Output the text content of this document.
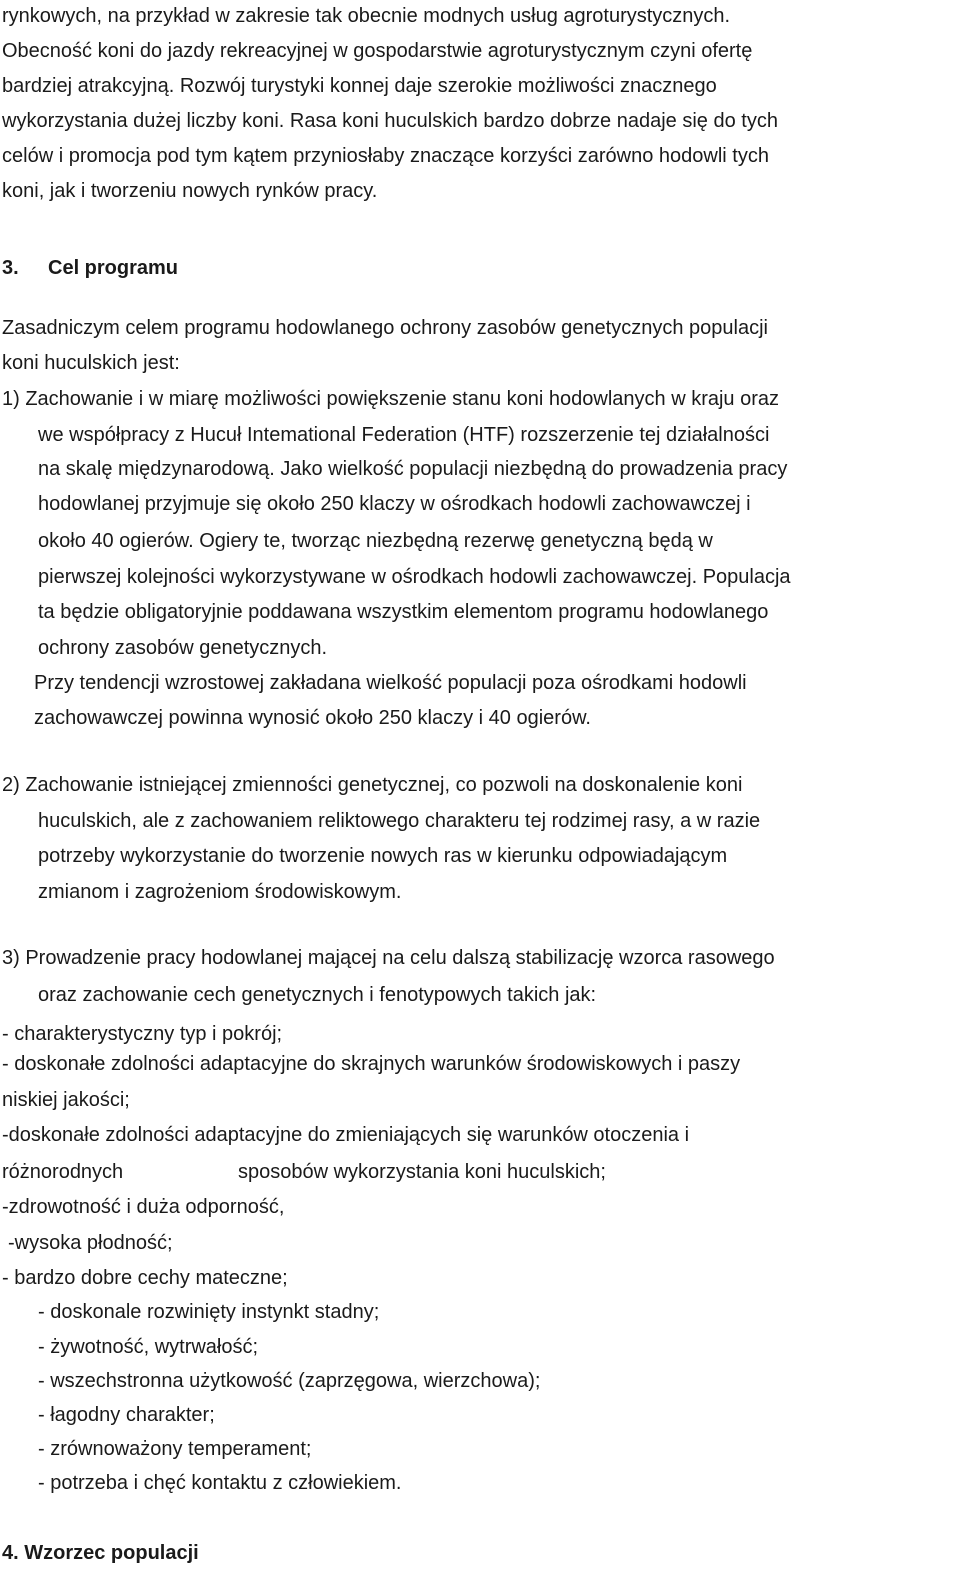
rynkowych, na przykład w zakresie tak obecnie modnych usług agroturystycznych.
Obecność koni do jazdy rekreacyjnej w gospodarstwie agroturystycznym czyni ofertę
bardziej atrakcyjną. Rozwój turystyki konnej daje szerokie możliwości znacznego
wykorzystania dużej liczby koni. Rasa koni huculskich bardzo dobrze nadaje się do tych
celów i promocja pod tym kątem przyniosłaby znaczące korzyści zarówno hodowli tych
koni, jak i tworzeniu nowych rynków pracy.
3. Cel programu
Zasadniczym celem programu hodowlanego ochrony zasobów genetycznych populacji
koni huculskich jest:
1) Zachowanie i w miarę możliwości powiększenie stanu koni hodowlanych w kraju oraz
we współpracy z Hucuł Intemational Federation (HTF) rozszerzenie tej działalności
na skalę międzynarodową. Jako wielkość populacji niezbędną do prowadzenia pracy
hodowlanej przyjmuje się około 250 klaczy w ośrodkach hodowli zachowawczej i
około 40 ogierów. Ogiery te, tworząc niezbędną rezerwę genetyczną będą w
pierwszej kolejności wykorzystywane w ośrodkach hodowli zachowawczej. Populacja
ta będzie obligatoryjnie poddawana wszystkim elementom programu hodowlanego
ochrony zasobów genetycznych.
Przy tendencji wzrostowej zakładana wielkość populacji poza ośrodkami hodowli
zachowawczej powinna wynosić około 250 klaczy i 40 ogierów.
2) Zachowanie istniejącej zmienności genetycznej, co pozwoli na doskonalenie koni
huculskich, ale z zachowaniem reliktowego charakteru tej rodzimej rasy, a w razie
potrzeby wykorzystanie do tworzenie nowych ras w kierunku odpowiadającym
zmianom i zagrożeniom środowiskowym.
3) Prowadzenie pracy hodowlanej mającej na celu dalszą stabilizację wzorca rasowego
oraz zachowanie cech genetycznych i fenotypowych takich jak:
- charakterystyczny typ i pokrój;
- doskonałe zdolności adaptacyjne do skrajnych warunków środowiskowych i paszy
niskiej jakości;
-doskonałe zdolności adaptacyjne do zmieniających się warunków otoczenia i
różnorodnych	sposobów wykorzystania koni huculskich;
-zdrowotność i duża odporność,
-wysoka płodność;
- bardzo dobre cechy mateczne;
- doskonale rozwinięty instynkt stadny;
- żywotność, wytrwałość;
- wszechstronna użytkowość (zaprzęgowa, wierzchowa);
- łagodny charakter;
- zrównoważony temperament;
- potrzeba i chęć kontaktu z człowiekiem.
4. Wzorzec populacji
